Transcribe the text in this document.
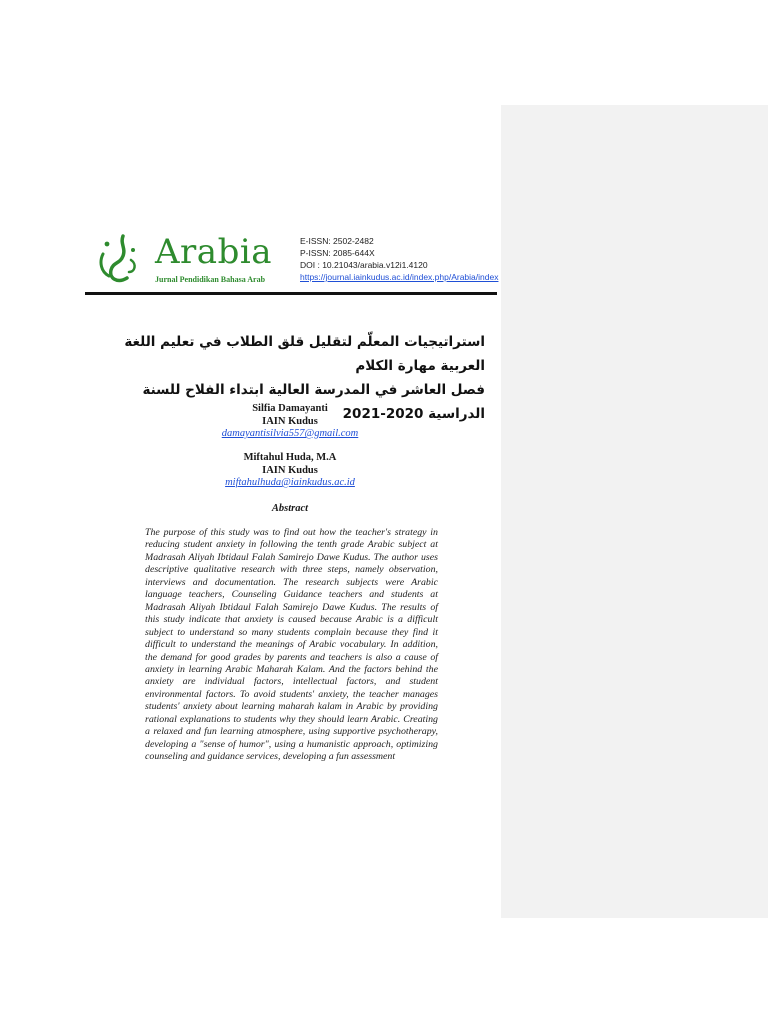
Arabia
Jurnal Pendidikan Bahasa Arab
E-ISSN: 2502-2482
P-ISSN: 2085-644X
DOI : 10.21043/arabia.v12i1.4120
https://journal.iainkudus.ac.id/index.php/Arabia/index
استراتيجيات المعلّم لتقليل قلق الطلاب في تعليم اللغة العربية مهارة الكلام
فصل العاشر في المدرسة العالية ابتداء الفلاح للسنة الدراسية 2020-2021
Silfia Damayanti
IAIN Kudus
damayantisilvia557@gmail.com
Miftahul Huda, M.A
IAIN Kudus
miftahulhuda@iainkudus.ac.id
Abstract
The purpose of this study was to find out how the teacher's strategy in reducing student anxiety in following the tenth grade Arabic subject at Madrasah Aliyah Ibtidaul Falah Samirejo Dawe Kudus. The author uses descriptive qualitative research with three steps, namely observation, interviews and documentation. The research subjects were Arabic language teachers, Counseling Guidance teachers and students at Madrasah Aliyah Ibtidaul Falah Samirejo Dawe Kudus. The results of this study indicate that anxiety is caused because Arabic is a difficult subject to understand so many students complain because they find it difficult to understand the meanings of Arabic vocabulary. In addition, the demand for good grades by parents and teachers is also a cause of anxiety in learning Arabic Maharah Kalam. And the factors behind the anxiety are individual factors, intellectual factors, and student environmental factors. To avoid students' anxiety, the teacher manages students' anxiety about learning maharah kalam in Arabic by providing rational explanations to students why they should learn Arabic. Creating a relaxed and fun learning atmosphere, using supportive psychotherapy, developing a "sense of humor", using a humanistic approach, optimizing counseling and guidance services, developing a fun assessment
